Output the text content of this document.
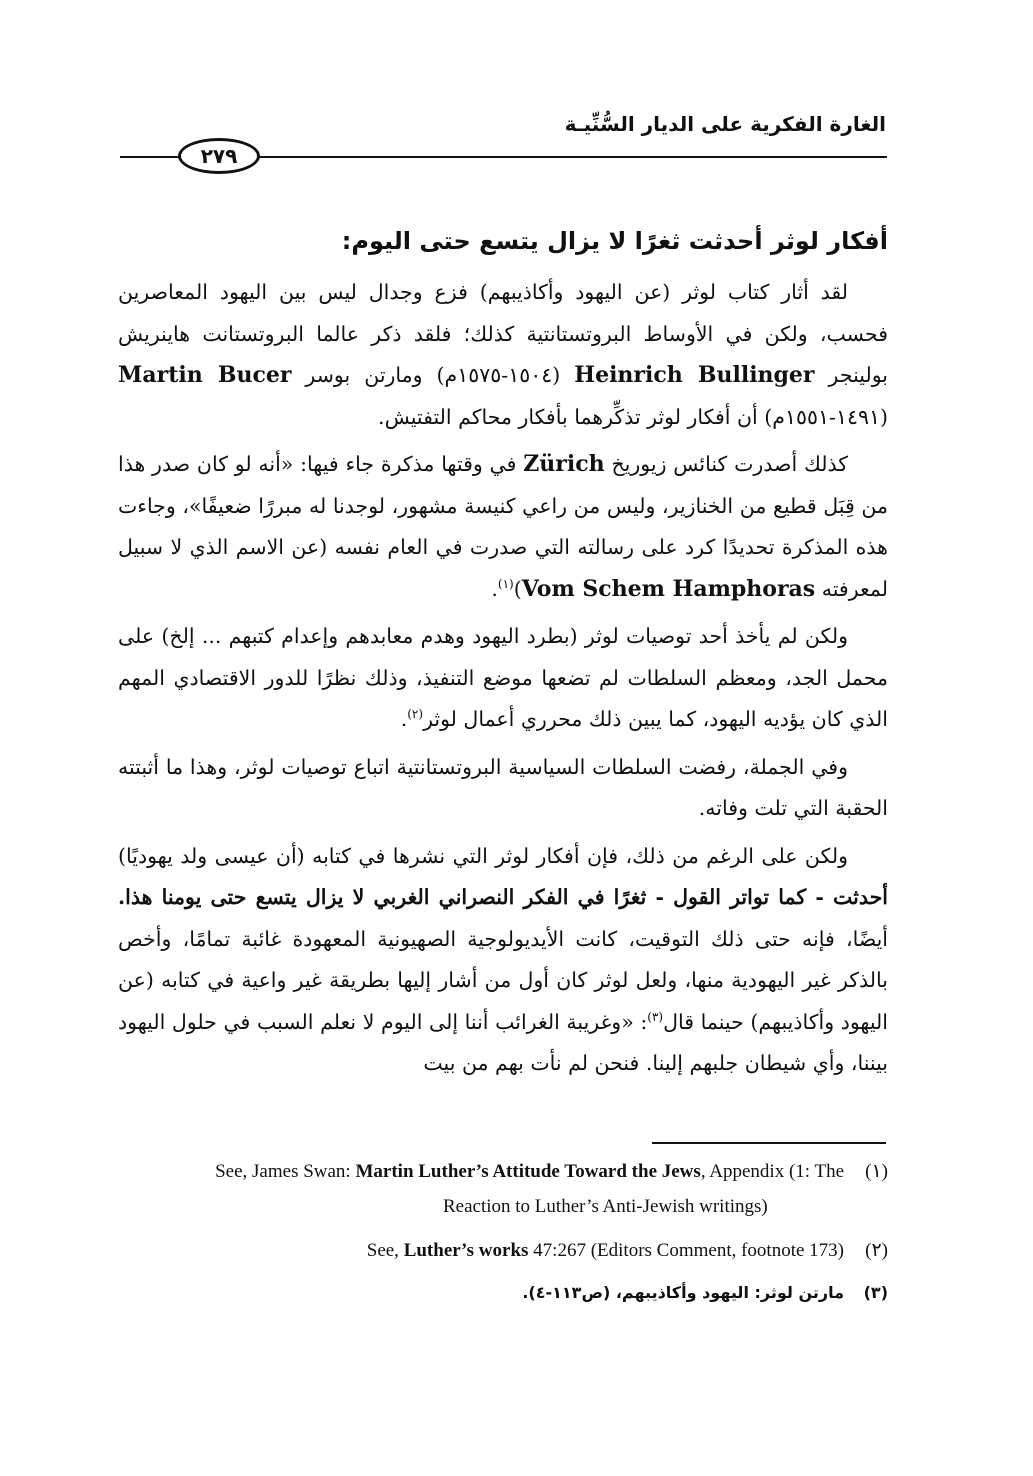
الغارة الفكرية على الديار السُّنِّيـة
٢٧٩
أفكار لوثر أحدثت ثغرًا لا يزال يتسع حتى اليوم:

لقد أثار كتاب لوثر (عن اليهود وأكاذيبهم) فزع وجدال ليس بين اليهود المعاصرين فحسب، ولكن في الأوساط البروتستانتية كذلك؛ فلقد ذكر عالما البروتستانت هاينريش بولينجر Heinrich Bullinger (١٥٠٤-١٥٧٥م) ومارتن بوسر Martin Bucer (١٤٩١-١٥٥١م) أن أفكار لوثر تذكِّرهما بأفكار محاكم التفتيش.

كذلك أصدرت كنائس زيوريخ Zürich في وقتها مذكرة جاء فيها: «أنه لو كان صدر هذا من قِبَل قطيع من الخنازير، وليس من راعي كنيسة مشهور، لوجدنا له مبررًا ضعيفًا»، وجاءت هذه المذكرة تحديدًا كرد على رسالته التي صدرت في العام نفسه (عن الاسم الذي لا سبيل لمعرفته Vom Schem Hamphoras)$^{(١)}$.

ولكن لم يأخذ أحد توصيات لوثر (بطرد اليهود وهدم معابدهم وإعدام كتبهم ... إلخ) على محمل الجد، ومعظم السلطات لم تضعها موضع التنفيذ، وذلك نظرًا للدور الاقتصادي المهم الذي كان يؤديه اليهود، كما يبين ذلك محرري أعمال لوثر$^{(٢)}$.

وفي الجملة، رفضت السلطات السياسية البروتستانتية اتباع توصيات لوثر، وهذا ما أثبتته الحقبة التي تلت وفاته.

ولكن على الرغم من ذلك، فإن أفكار لوثر التي نشرها في كتابه (أن عيسى ولد يهوديًا) أحدثت - كما تواتر القول - ثغرًا في الفكر النصراني الغربي لا يزال يتسع حتى يومنا هذا. أيضًا، فإنه حتى ذلك التوقيت، كانت الأيديولوجية الصهيونية المعهودة غائبة تمامًا، وأخص بالذكر غير اليهودية منها، ولعل لوثر كان أول من أشار إليها بطريقة غير واعية في كتابه (عن اليهود وأكاذيبهم) حينما قال$^{(٣)}$: «وغريبة الغرائب أننا إلى اليوم لا نعلم السبب في حلول اليهود بيننا، وأي شيطان جلبهم إلينا. فنحن لم نأت بهم من بيت

(١)See, James Swan: Martin Luther’s Attitude Toward the Jews, Appendix (1: The
Reaction to Luther’s Anti-Jewish writings)
(٢)See, Luther’s works 47:267 (Editors Comment, footnote 173)
(٣)مارتن لوثر: اليهود وأكاذيبهم، (ص١١٣-٤).
